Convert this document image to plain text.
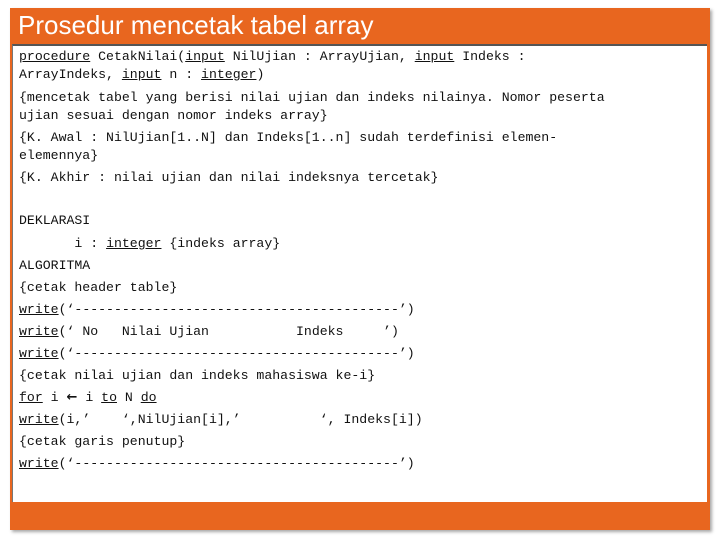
Prosedur mencetak tabel array
procedure CetakNilai(input NilUjian : ArrayUjian, input Indeks :
ArrayIndeks, input n : integer)
{mencetak tabel yang berisi nilai ujian dan indeks nilainya. Nomor peserta
ujian sesuai dengan nomor indeks array}
{K. Awal : NilUjian[1..N] dan Indeks[1..n] sudah terdefinisi elemen-
elemennya}
{K. Akhir : nilai ujian dan nilai indeksnya tercetak}
DEKLARASI
i : integer {indeks array}
ALGORITMA
{cetak header table}
write(‘-----------------------------------------’)
write(‘ No   Nilai Ujian           Indeks     ’)
write(‘-----------------------------------------’)
{cetak nilai ujian dan indeks mahasiswa ke-i}
for i ← i to N do
write(i,’    ‘,NilUjian[i],’          ‘, Indeks[i])
{cetak garis penutup}
write(‘-----------------------------------------’)
